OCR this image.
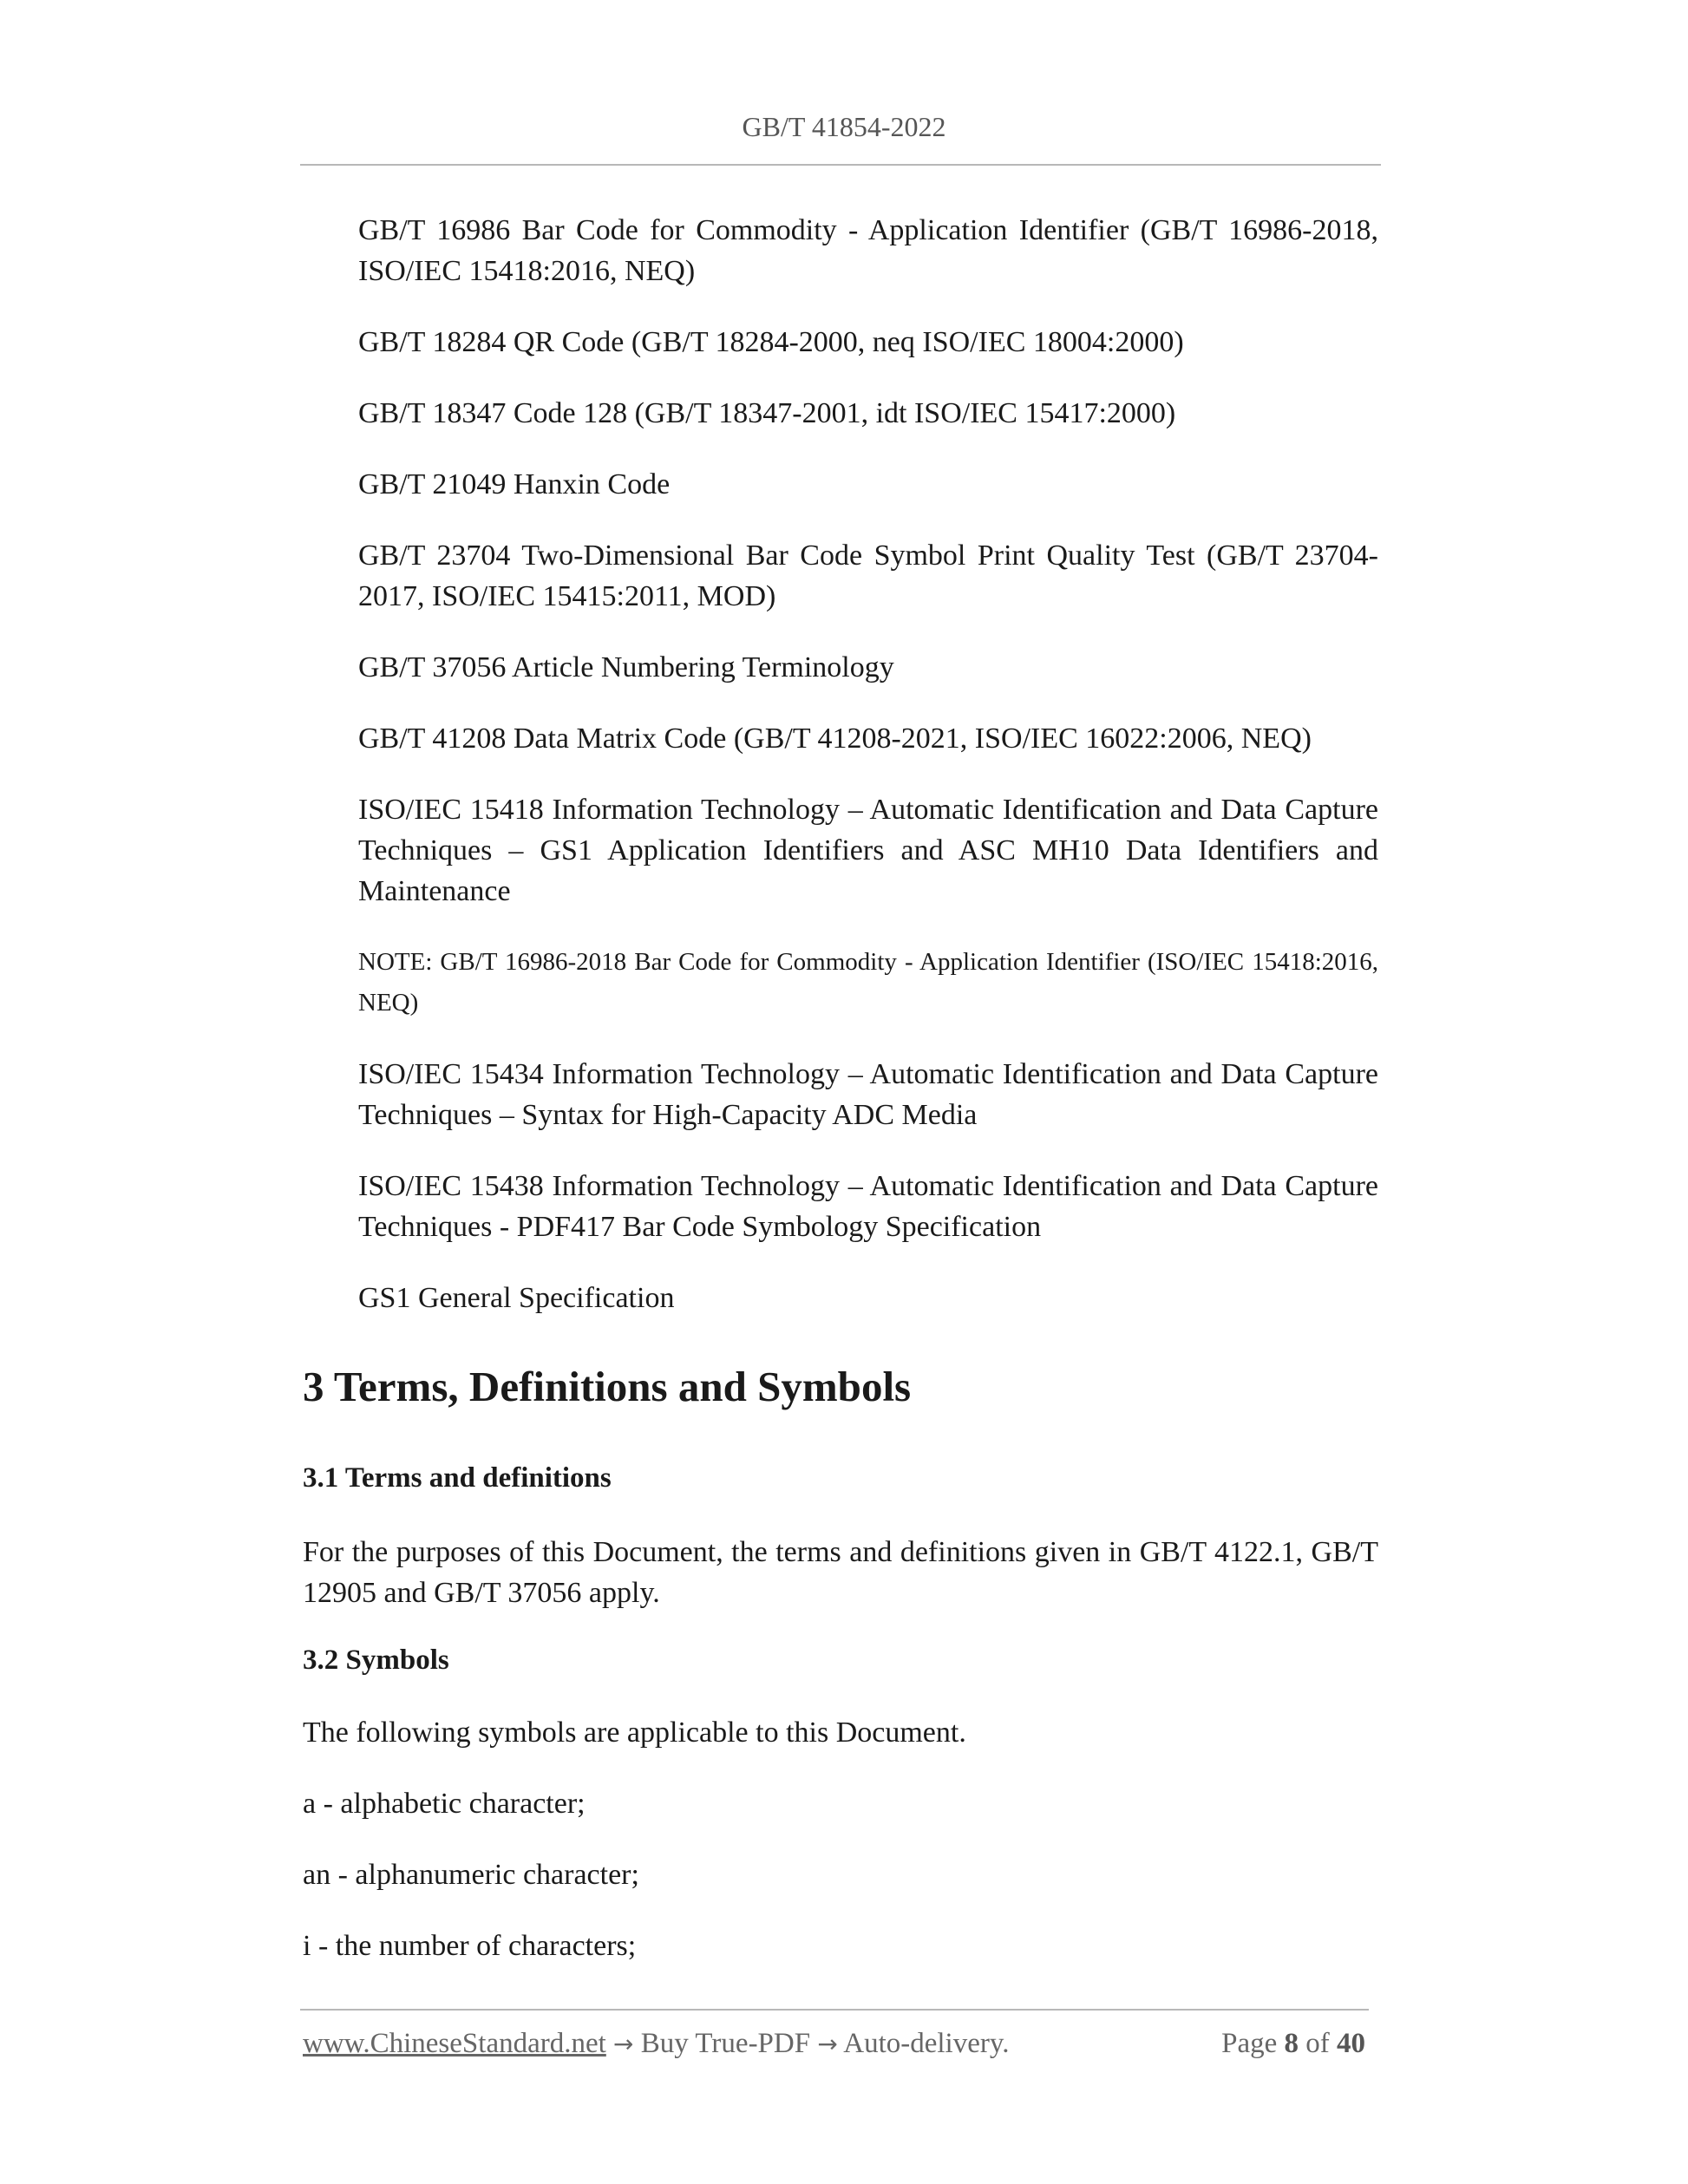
GB/T 41854-2022

GB/T 16986 Bar Code for Commodity - Application Identifier (GB/T 16986-2018, ISO/IEC 15418:2016, NEQ)

GB/T 18284 QR Code (GB/T 18284-2000, neq ISO/IEC 18004:2000)

GB/T 18347 Code 128 (GB/T 18347-2001, idt ISO/IEC 15417:2000)

GB/T 21049 Hanxin Code

GB/T 23704 Two-Dimensional Bar Code Symbol Print Quality Test (GB/T 23704-2017, ISO/IEC 15415:2011, MOD)

GB/T 37056 Article Numbering Terminology

GB/T 41208 Data Matrix Code (GB/T 41208-2021, ISO/IEC 16022:2006, NEQ)

ISO/IEC 15418 Information Technology – Automatic Identification and Data Capture Techniques – GS1 Application Identifiers and ASC MH10 Data Identifiers and Maintenance

NOTE: GB/T 16986-2018 Bar Code for Commodity - Application Identifier (ISO/IEC 15418:2016, NEQ)

ISO/IEC 15434 Information Technology – Automatic Identification and Data Capture Techniques – Syntax for High-Capacity ADC Media

ISO/IEC 15438 Information Technology – Automatic Identification and Data Capture Techniques - PDF417 Bar Code Symbology Specification

GS1 General Specification

3 Terms, Definitions and Symbols
3.1 Terms and definitions

For the purposes of this Document, the terms and definitions given in GB/T 4122.1, GB/T 12905 and GB/T 37056 apply.

3.2 Symbols

The following symbols are applicable to this Document.

a - alphabetic character;

an - alphanumeric character;

i - the number of characters;

www.ChineseStandard.net → Buy True-PDF → Auto-delivery.	Page 8 of 40
